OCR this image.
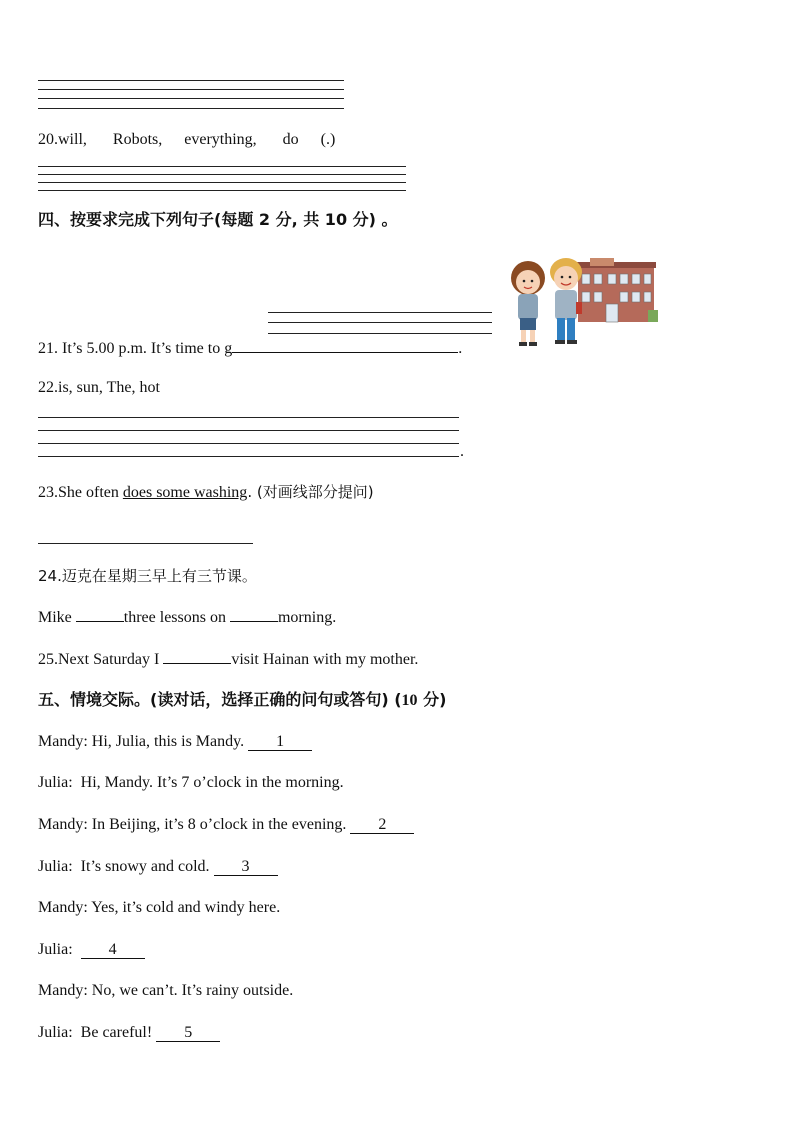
20.will, Robots, everything, do (.)
四、按要求完成下列句子(每题 2 分, 共 10 分) 。
21. It’s 5.00 p.m. It’s time to g	.
22.is, sun, The, hot
.
23.She often does some washing. (对画线部分提问)
24.迈克在星期三早上有三节课。
Mike	three lessons on	morning.
25.Next Saturday I	visit Hainan with my mother.
五、情境交际。(读对话，选择正确的问句或答句) (10 分)
Mandy: Hi, Julia, this is Mandy. 1
Julia: Hi, Mandy. It’s 7 o’clock in the morning.
Mandy: In Beijing, it’s 8 o’clock in the evening. 2
Julia: It’s snowy and cold. 3
Mandy: Yes, it’s cold and windy here.
Julia: 4
Mandy: No, we can’t. It’s rainy outside.
Julia: Be careful! 5
